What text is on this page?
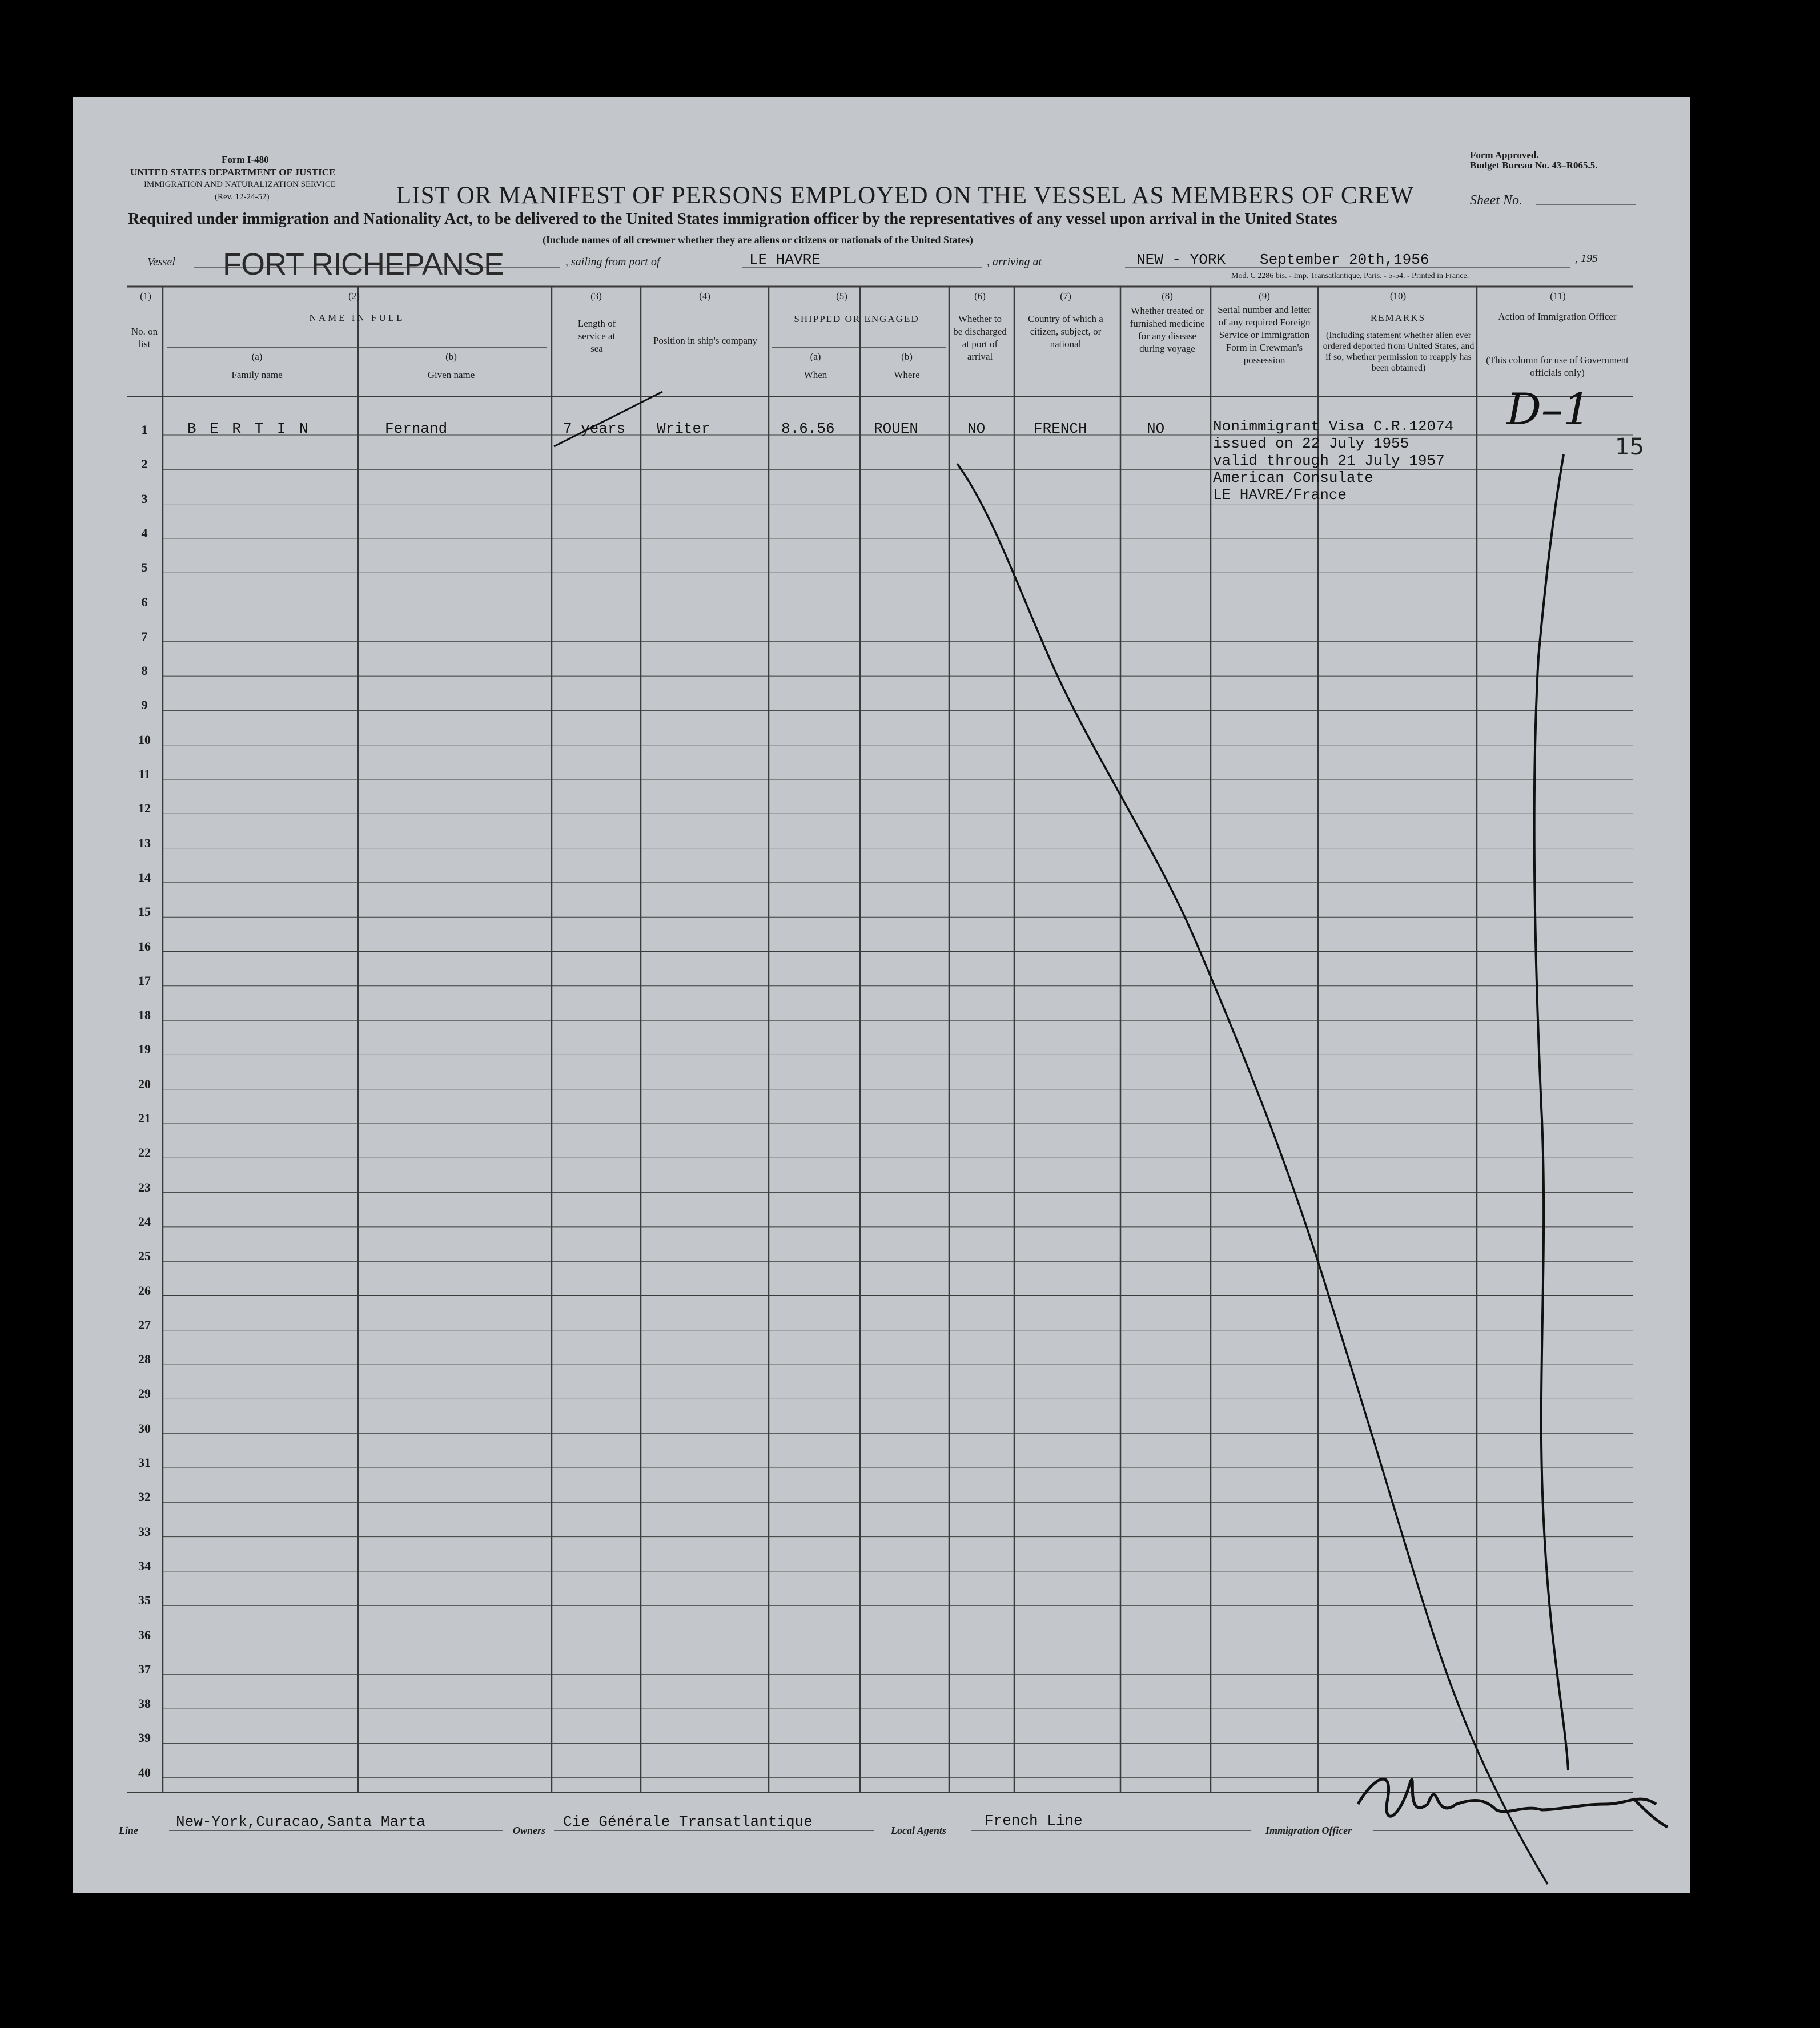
Form I-480
UNITED STATES DEPARTMENT OF JUSTICE
IMMIGRATION AND NATURALIZATION SERVICE
(Rev. 12-24-52)
Form Approved.
Budget Bureau No. 43–R065.5.
LIST OR MANIFEST OF PERSONS EMPLOYED ON THE VESSEL AS MEMBERS OF CREW	Sheet No.
Required under immigration and Nationality Act, to be delivered to the United States immigration officer by the representatives of any vessel upon arrival in the United States
(Include names of all crewmer whether they are aliens or citizens or nationals of the United States)
Vessel FORT RICHEPANSE	, sailing from port of	LE HAVRE	, arriving at	NEW - YORK September 20th,1956	, 195
Mod. C 2286 bis. - Imp. Transatlantique, Paris. - 5-54. - Printed in France.
(1)
No. on list
(2)
NAME IN FULL
(a)
Family name
(b)
Given name
(3)
Length of service at sea
(4)
Position in ship's company
(5)
SHIPPED OR ENGAGED
(a)
When
(b)
Where
(6)
Whether to be discharged at port of arrival
(7)
Country of which a citizen, subject, or national
(8)
Whether treated or furnished medicine for any disease during voyage
(9)
Serial number and letter of any required Foreign Service or Immigration Form in Crewman's possession
(10)
REMARKS
(Including statement whether alien ever ordered deported from United States, and if so, whether permission to reapply has been obtained)
(11)
Action of Immigration Officer
(This column for use of Government officials only)
1
2
3
4
5
6
7
8
9
10
11
12
13
14
15
16
17
18
19
20
21
22
23
24
25
26
27
28
29
30
31
32
33
34
35
36
37
38
39
40
B E R T I N	Fernand	7 years Writer	8.6.56	ROUEN	NO	FRENCH	NO	Nonimmigrant Visa C.R.12074
issued on 22 July 1955
valid through 21 July 1957
American Consulate
LE HAVRE/France
D–1
15
Line	New-York,Curacao,Santa Marta	Owners Cie Générale Transatlantique	Local Agents
French Line
Immigration Officer
